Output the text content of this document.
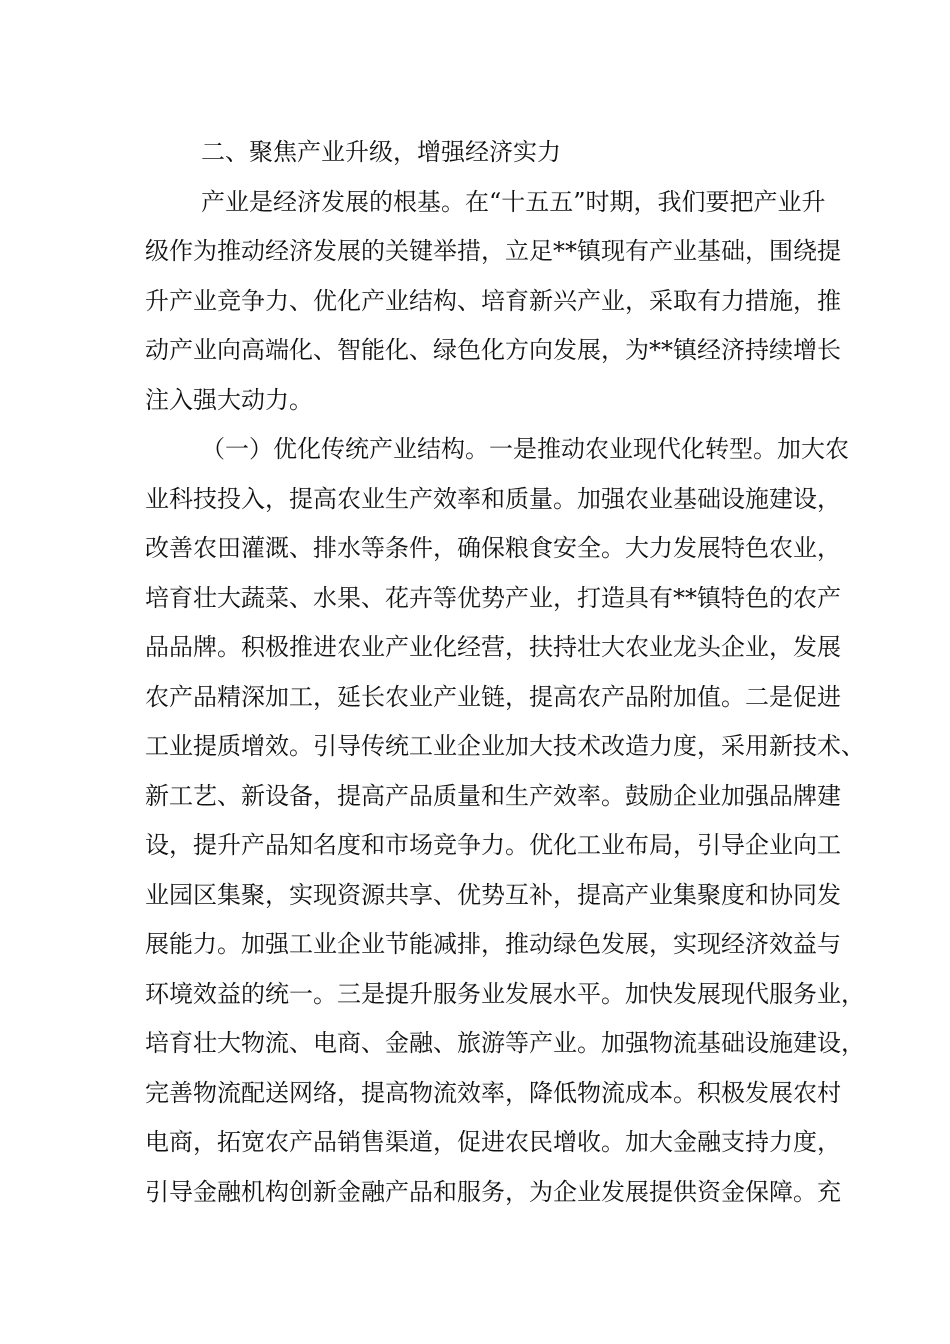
二、聚焦产业升级，增强经济实力
产业是经济发展的根基。在“十五五”时期，我们要把产业升
级作为推动经济发展的关键举措，立足**镇现有产业基础，围绕提
升产业竞争力、优化产业结构、培育新兴产业，采取有力措施，推
动产业向高端化、智能化、绿色化方向发展，为**镇经济持续增长
注入强大动力。
（一）优化传统产业结构。一是推动农业现代化转型。加大农
业科技投入，提高农业生产效率和质量。加强农业基础设施建设，
改善农田灌溉、排水等条件，确保粮食安全。大力发展特色农业，
培育壮大蔬菜、水果、花卉等优势产业，打造具有**镇特色的农产
品品牌。积极推进农业产业化经营，扶持壮大农业龙头企业，发展
农产品精深加工，延长农业产业链，提高农产品附加值。二是促进
工业提质增效。引导传统工业企业加大技术改造力度，采用新技术、
新工艺、新设备，提高产品质量和生产效率。鼓励企业加强品牌建
设，提升产品知名度和市场竞争力。优化工业布局，引导企业向工
业园区集聚，实现资源共享、优势互补，提高产业集聚度和协同发
展能力。加强工业企业节能减排，推动绿色发展，实现经济效益与
环境效益的统一。三是提升服务业发展水平。加快发展现代服务业，
培育壮大物流、电商、金融、旅游等产业。加强物流基础设施建设，
完善物流配送网络，提高物流效率，降低物流成本。积极发展农村
电商，拓宽农产品销售渠道，促进农民增收。加大金融支持力度，
引导金融机构创新金融产品和服务，为企业发展提供资金保障。充
